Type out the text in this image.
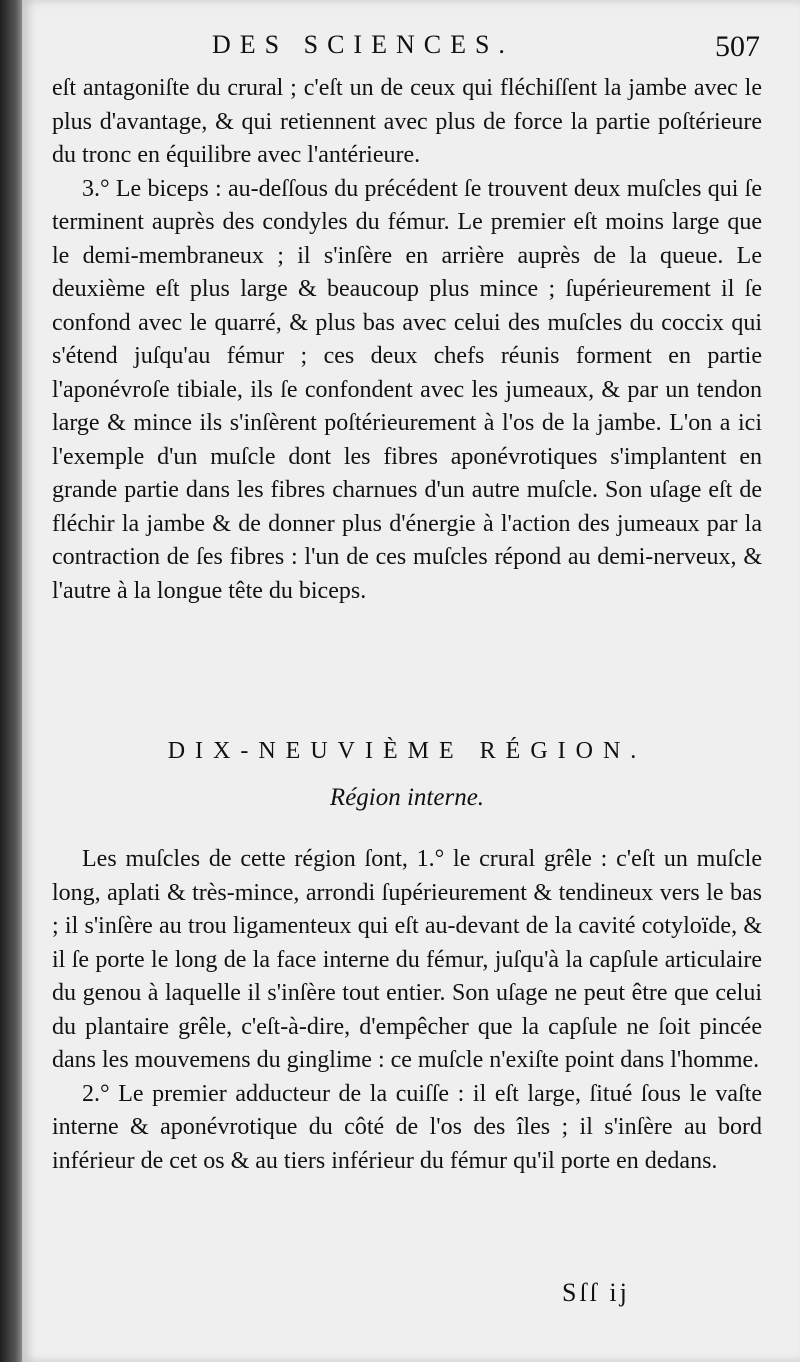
DES SCIENCES.	507

eſt antagoniſte du crural ; c'eſt un de ceux qui fléchiſſent la jambe avec le plus d'avantage, & qui retiennent avec plus de force la partie poſtérieure du tronc en équilibre avec l'antérieure.

3.° Le biceps : au-deſſous du précédent ſe trouvent deux muſcles qui ſe terminent auprès des condyles du fémur. Le premier eſt moins large que le demi-membraneux ; il s'inſère en arrière auprès de la queue. Le deuxième eſt plus large & beaucoup plus mince ; ſupérieurement il ſe confond avec le quarré, & plus bas avec celui des muſcles du coccix qui s'étend juſqu'au fémur ; ces deux chefs réunis forment en partie l'aponévroſe tibiale, ils ſe confondent avec les jumeaux, & par un tendon large & mince ils s'inſèrent poſtérieurement à l'os de la jambe. L'on a ici l'exemple d'un muſcle dont les fibres aponévrotiques s'implantent en grande partie dans les fibres charnues d'un autre muſcle. Son uſage eſt de fléchir la jambe & de donner plus d'énergie à l'action des jumeaux par la contraction de ſes fibres : l'un de ces muſcles répond au demi-nerveux, & l'autre à la longue tête du biceps.

DIX-NEUVIÈME RÉGION.
Région interne.

Les muſcles de cette région ſont, 1.° le crural grêle : c'eſt un muſcle long, aplati & très-mince, arrondi ſupérieurement & tendineux vers le bas ; il s'inſère au trou ligamenteux qui eſt au-devant de la cavité cotyloïde, & il ſe porte le long de la face interne du fémur, juſqu'à la capſule articulaire du genou à laquelle il s'inſère tout entier. Son uſage ne peut être que celui du plantaire grêle, c'eſt-à-dire, d'empêcher que la capſule ne ſoit pincée dans les mouvemens du ginglime : ce muſcle n'exiſte point dans l'homme.

2.° Le premier adducteur de la cuiſſe : il eſt large, ſitué ſous le vaſte interne & aponévrotique du côté de l'os des îles ; il s'inſère au bord inférieur de cet os & au tiers inférieur du fémur qu'il porte en dedans.

Sſſ ij
